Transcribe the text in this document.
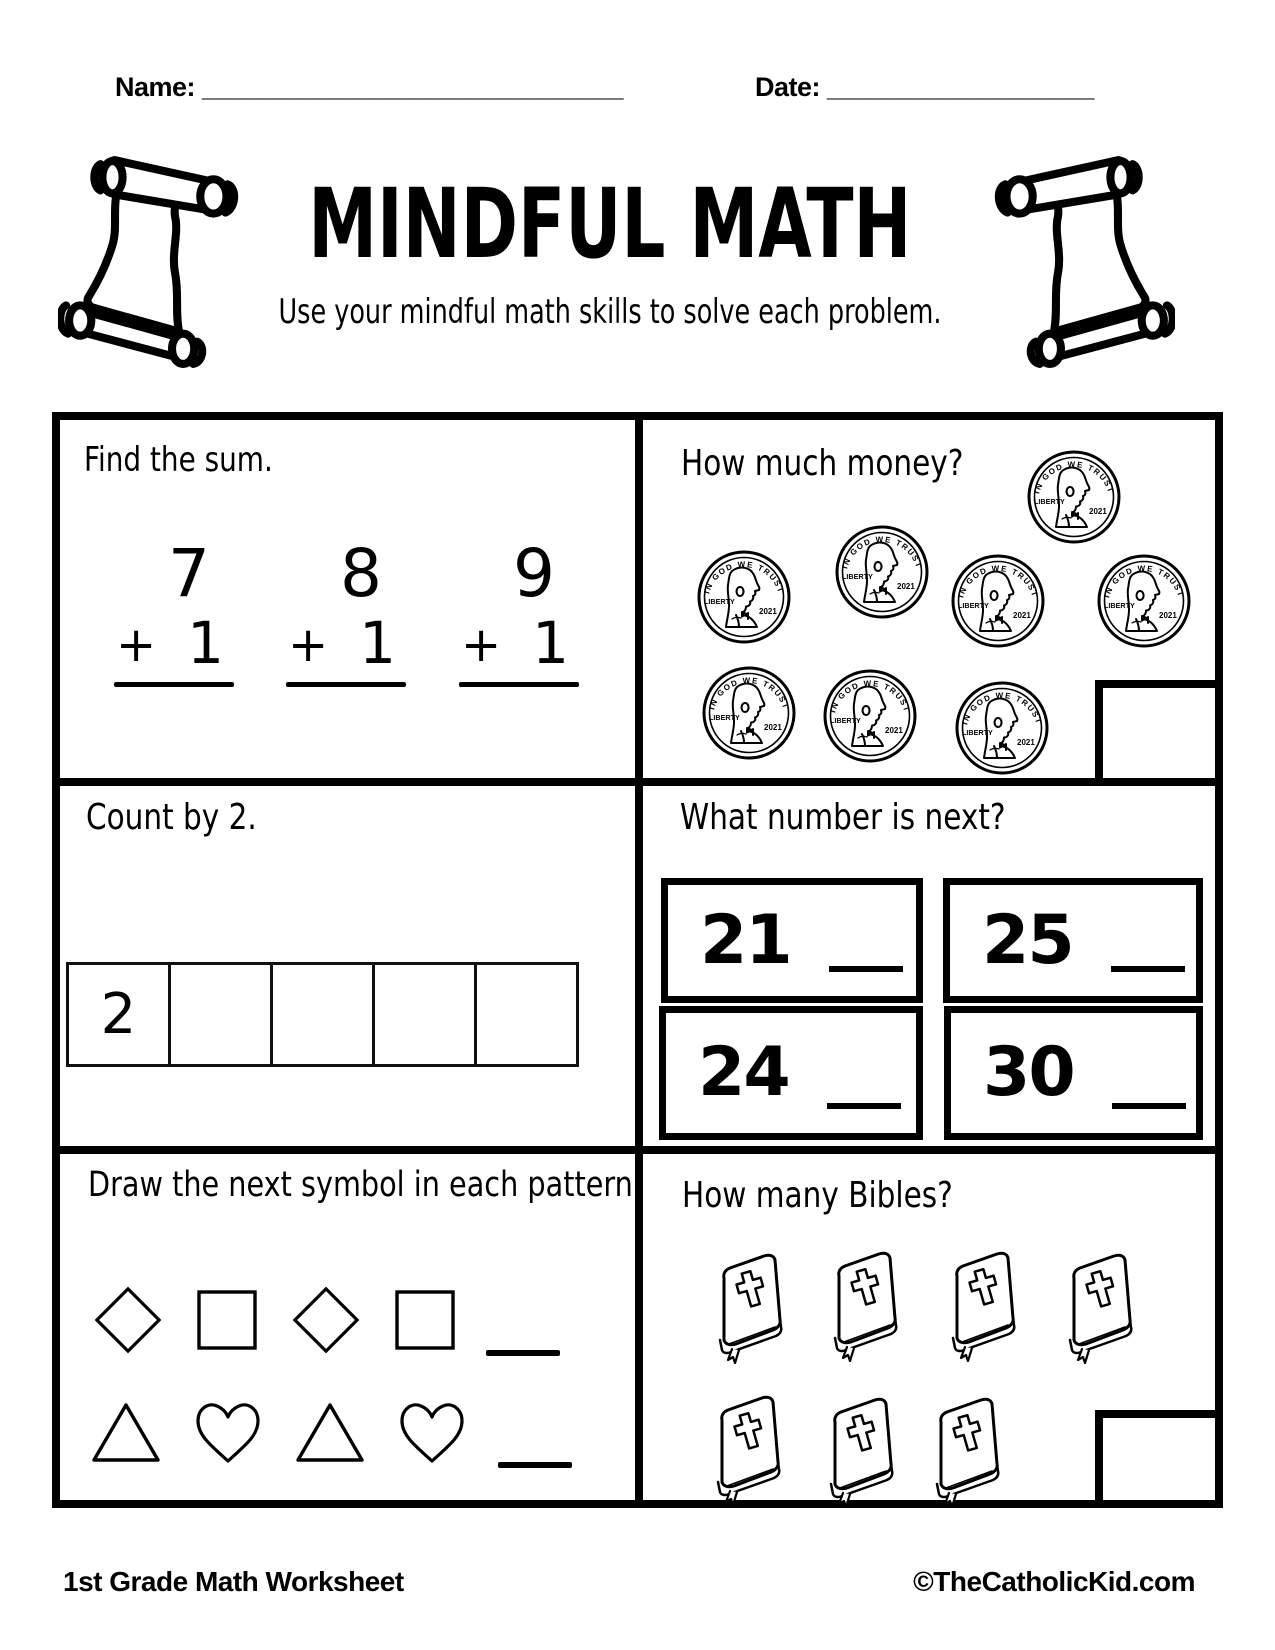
Name: ______________________________	Date: ___________________
MINDFUL MATH
Use your mindful math skills to solve each problem.
Find the sum.
7
+ 1
8
+ 1
9
+ 1
How much money?
Count by 2.
2
What number is next?
21	25
24	30
Draw the next symbol in each pattern.	How many Bibles?
1st Grade Math Worksheet	©TheCatholicKid.com
